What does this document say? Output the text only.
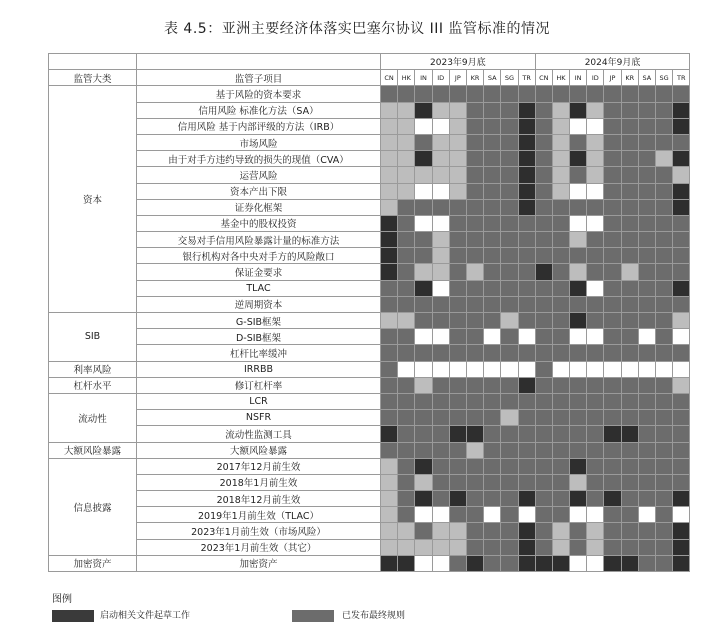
表 4.5：亚洲主要经济体落实巴塞尔协议 III 监管标准的情况
		2023年9月底									2024年9月底								
监管大类	监管子项目	CN	HK	IN	ID	JP	KR	SA	SG	TR	CN	HK	IN	ID	JP	KR	SA	SG	TR
资本	基于风险的资本要求																		
	信用风险 标准化方法（SA）																		
	信用风险 基于内部评级的方法（IRB）																		
	市场风险																		
	由于对手方违约导致的损失的现值（CVA）																		
	运营风险																		
	资本产出下限																		
	证券化框架																		
	基金中的股权投资																		
	交易对手信用风险暴露计量的标准方法																		
	银行机构对各中央对手方的风险敞口																		
	保证金要求																		
	TLAC																		
	逆周期资本																		
SIB	G-SIB框架																		
	D-SIB框架																		
	杠杆比率缓冲																		
利率风险	IRRBB																		
杠杆水平	修订杠杆率																		
流动性	LCR																		
	NSFR																		
	流动性监测工具																		
大额风险暴露	大额风险暴露																		
信息披露	2017年12月前生效																		
	2018年1月前生效																		
	2018年12月前生效																		
	2019年1月前生效（TLAC）																		
	2023年1月前生效（市场风险）																		
	2023年1月前生效（其它）																		
加密资产	加密资产																		
图例
启动相关文件起草工作	已发布最终规则
